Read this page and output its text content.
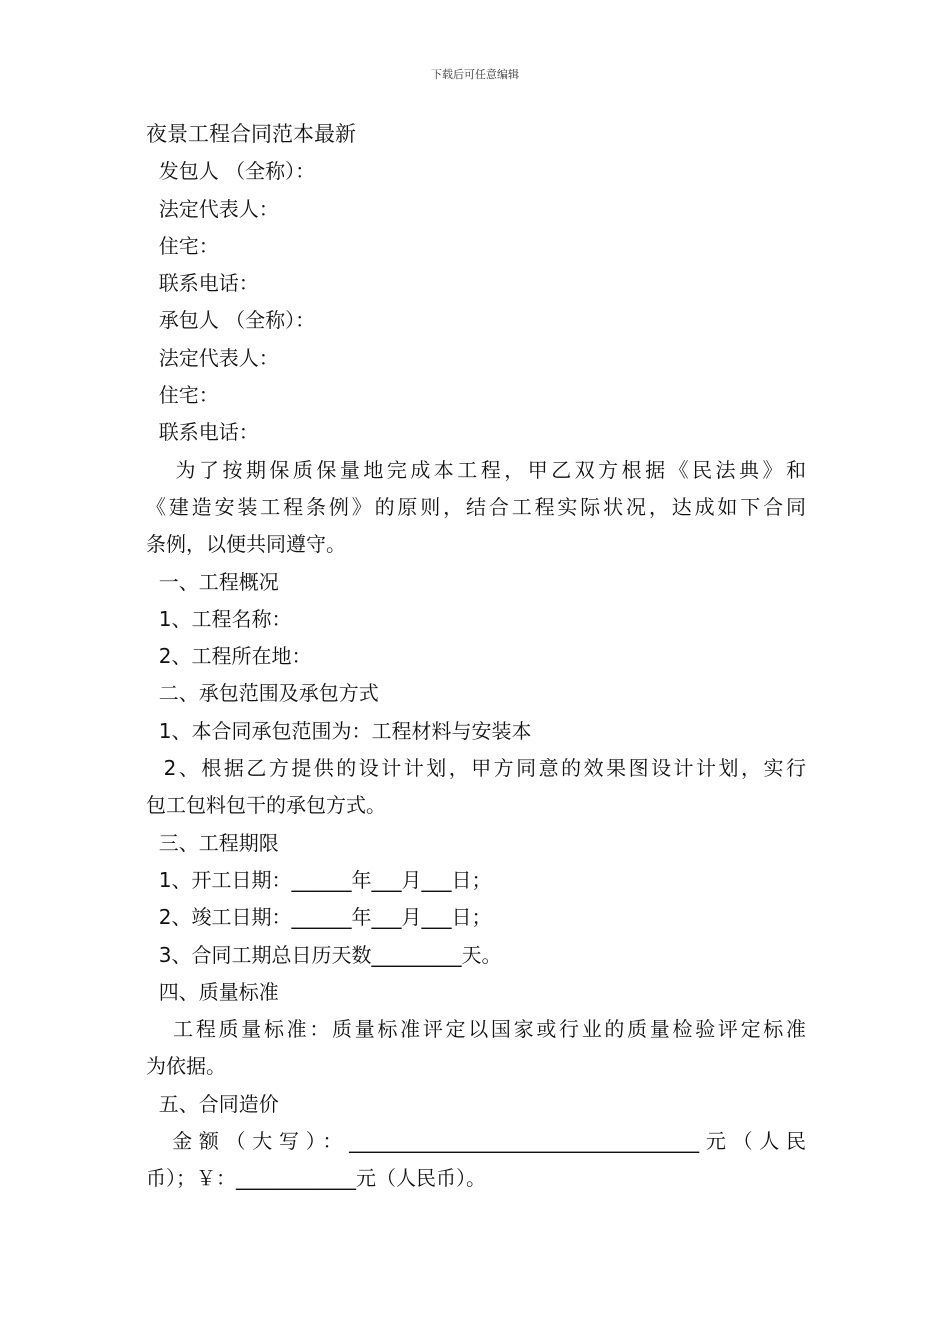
下载后可任意编辑
夜景工程合同范本最新
发包人 （全称）：
法定代表人：
住宅：
联系电话：
承包人 （全称）：
法定代表人：
住宅：
联系电话：
为了按期保质保量地完成本工程，甲乙双方根据《民法典》和
《建造安装工程条例》的原则，结合工程实际状况，达成如下合同
条例，以便共同遵守。
一、工程概况
1、工程名称：
2、工程所在地：
二、承包范围及承包方式
1、本合同承包范围为：工程材料与安装本
2、根据乙方提供的设计计划，甲方同意的效果图设计计划，实行
包工包料包干的承包方式。
三、工程期限
1、开工日期：______年___月___日；
2、竣工日期：______年___月___日；
3、合同工期总日历天数_________天。
四、质量标准
工程质量标准：质量标准评定以国家或行业的质量检验评定标准
为依据。
五、合同造价
金额（大写）：___________________________________元（人民
币）；￥：____________元（人民币）。
